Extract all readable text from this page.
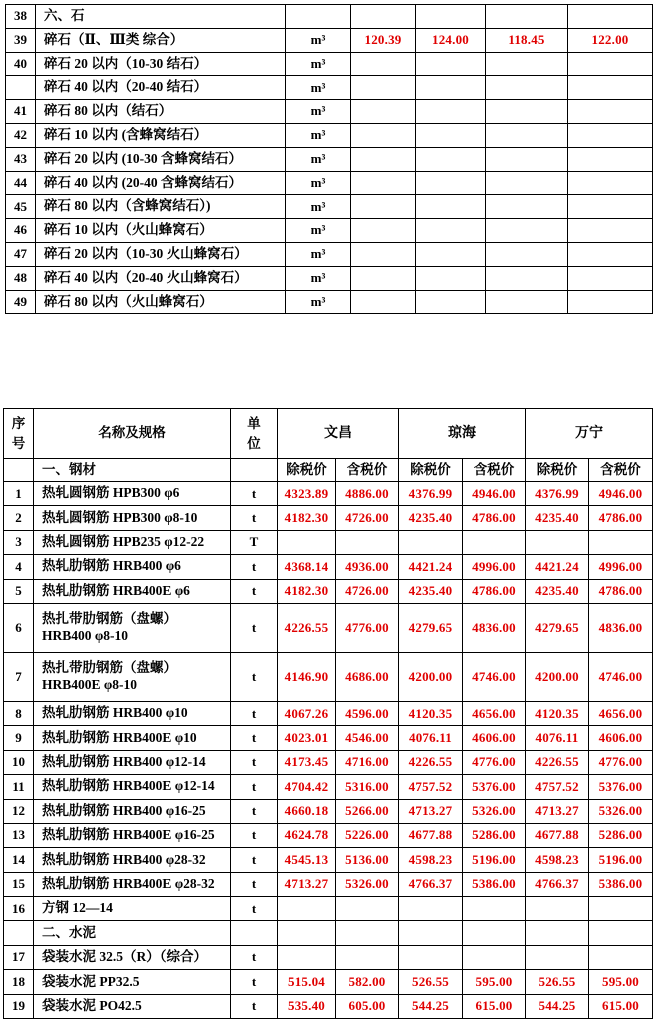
38	六、石					
39	碎石（Ⅱ、Ⅲ类 综合）	m³	120.39	124.00	118.45	122.00
40	碎石 20 以内（10-30 结石）	m³				
	碎石 40 以内（20-40 结石）	m³				
41	碎石 80 以内（结石）	m³				
42	碎石 10 以内 (含蜂窝结石）	m³				
43	碎石 20 以内 (10-30 含蜂窝结石）	m³				
44	碎石 40 以内 (20-40 含蜂窝结石）	m³				
45	碎石 80 以内（含蜂窝结石）)	m³				
46	碎石 10 以内（火山蜂窝石）	m³				
47	碎石 20 以内（10-30 火山蜂窝石）	m³				
48	碎石 40 以内（20-40 火山蜂窝石）	m³				
49	碎石 80 以内（火山蜂窝石）	m³				
序号	名称及规格	单位	文昌		琼海		万宁	
	一、钢材		除税价	含税价	除税价	含税价	除税价	含税价
1	热轧圆钢筋 HPB300 φ6	t	4323.89	4886.00	4376.99	4946.00	4376.99	4946.00
2	热轧圆钢筋 HPB300 φ8-10	t	4182.30	4726.00	4235.40	4786.00	4235.40	4786.00
3	热轧圆钢筋 HPB235 φ12-22	T						
4	热轧肋钢筋 HRB400 φ6	t	4368.14	4936.00	4421.24	4996.00	4421.24	4996.00
5	热轧肋钢筋 HRB400E φ6	t	4182.30	4726.00	4235.40	4786.00	4235.40	4786.00
6	热扎带肋钢筋（盘螺）HRB400 φ8-10	t	4226.55	4776.00	4279.65	4836.00	4279.65	4836.00
7	热扎带肋钢筋（盘螺）HRB400E φ8-10	t	4146.90	4686.00	4200.00	4746.00	4200.00	4746.00
8	热轧肋钢筋 HRB400 φ10	t	4067.26	4596.00	4120.35	4656.00	4120.35	4656.00
9	热轧肋钢筋 HRB400E φ10	t	4023.01	4546.00	4076.11	4606.00	4076.11	4606.00
10	热轧肋钢筋 HRB400 φ12-14	t	4173.45	4716.00	4226.55	4776.00	4226.55	4776.00
11	热轧肋钢筋 HRB400E φ12-14	t	4704.42	5316.00	4757.52	5376.00	4757.52	5376.00
12	热轧肋钢筋 HRB400 φ16-25	t	4660.18	5266.00	4713.27	5326.00	4713.27	5326.00
13	热轧肋钢筋 HRB400E φ16-25	t	4624.78	5226.00	4677.88	5286.00	4677.88	5286.00
14	热轧肋钢筋 HRB400 φ28-32	t	4545.13	5136.00	4598.23	5196.00	4598.23	5196.00
15	热轧肋钢筋 HRB400E φ28-32	t	4713.27	5326.00	4766.37	5386.00	4766.37	5386.00
16	方钢 12—14	t						
	二、水泥							
17	袋装水泥 32.5（R）（综合）	t						
18	袋装水泥 PP32.5	t	515.04	582.00	526.55	595.00	526.55	595.00
19	袋装水泥 PO42.5	t	535.40	605.00	544.25	615.00	544.25	615.00
